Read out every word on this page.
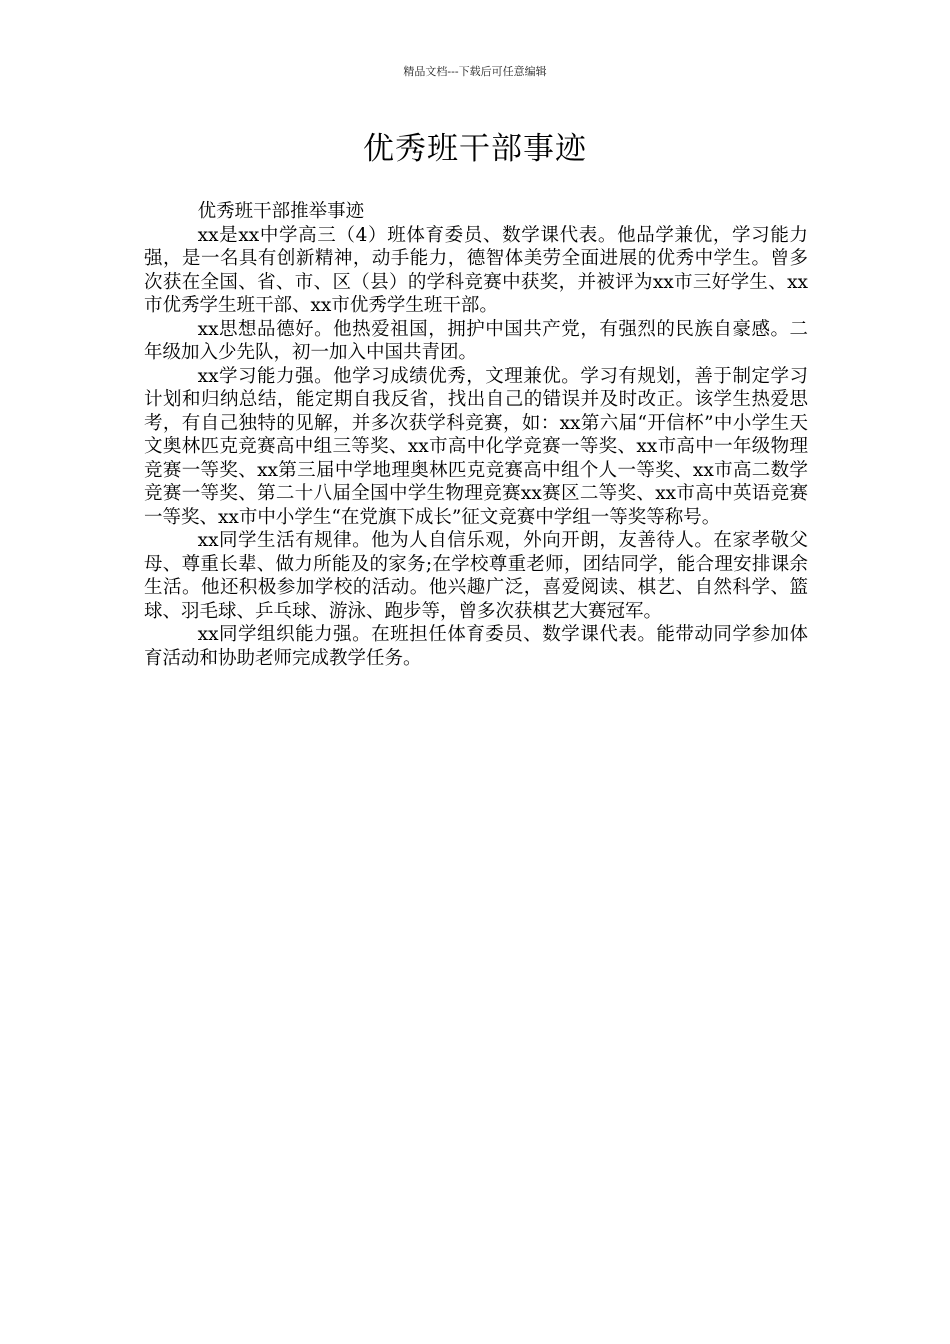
精品文档---下载后可任意编辑
优秀班干部事迹

优秀班干部推举事迹

xx是xx中学高三（4）班体育委员、数学课代表。他品学兼优，学习能力强，是一名具有创新精神，动手能力，德智体美劳全面进展的优秀中学生。曾多次获在全国、省、市、区（县）的学科竞赛中获奖，并被评为xx市三好学生、xx市优秀学生班干部、xx市优秀学生班干部。

xx思想品德好。他热爱祖国，拥护中国共产党，有强烈的民族自豪感。二年级加入少先队，初一加入中国共青团。

xx学习能力强。他学习成绩优秀，文理兼优。学习有规划，善于制定学习计划和归纳总结，能定期自我反省，找出自己的错误并及时改正。该学生热爱思考，有自己独特的见解，并多次获学科竞赛，如：xx第六届“开信杯”中小学生天文奥林匹克竞赛高中组三等奖、xx市高中化学竞赛一等奖、xx市高中一年级物理竞赛一等奖、xx第三届中学地理奥林匹克竞赛高中组个人一等奖、xx市高二数学竞赛一等奖、第二十八届全国中学生物理竞赛xx赛区二等奖、xx市高中英语竞赛一等奖、xx市中小学生“在党旗下成长”征文竞赛中学组一等奖等称号。

xx同学生活有规律。他为人自信乐观，外向开朗，友善待人。在家孝敬父母、尊重长辈、做力所能及的家务;在学校尊重老师，团结同学，能合理安排课余生活。他还积极参加学校的活动。他兴趣广泛，喜爱阅读、棋艺、自然科学、篮球、羽毛球、乒乓球、游泳、跑步等，曾多次获棋艺大赛冠军。

xx同学组织能力强。在班担任体育委员、数学课代表。能带动同学参加体育活动和协助老师完成教学任务。
